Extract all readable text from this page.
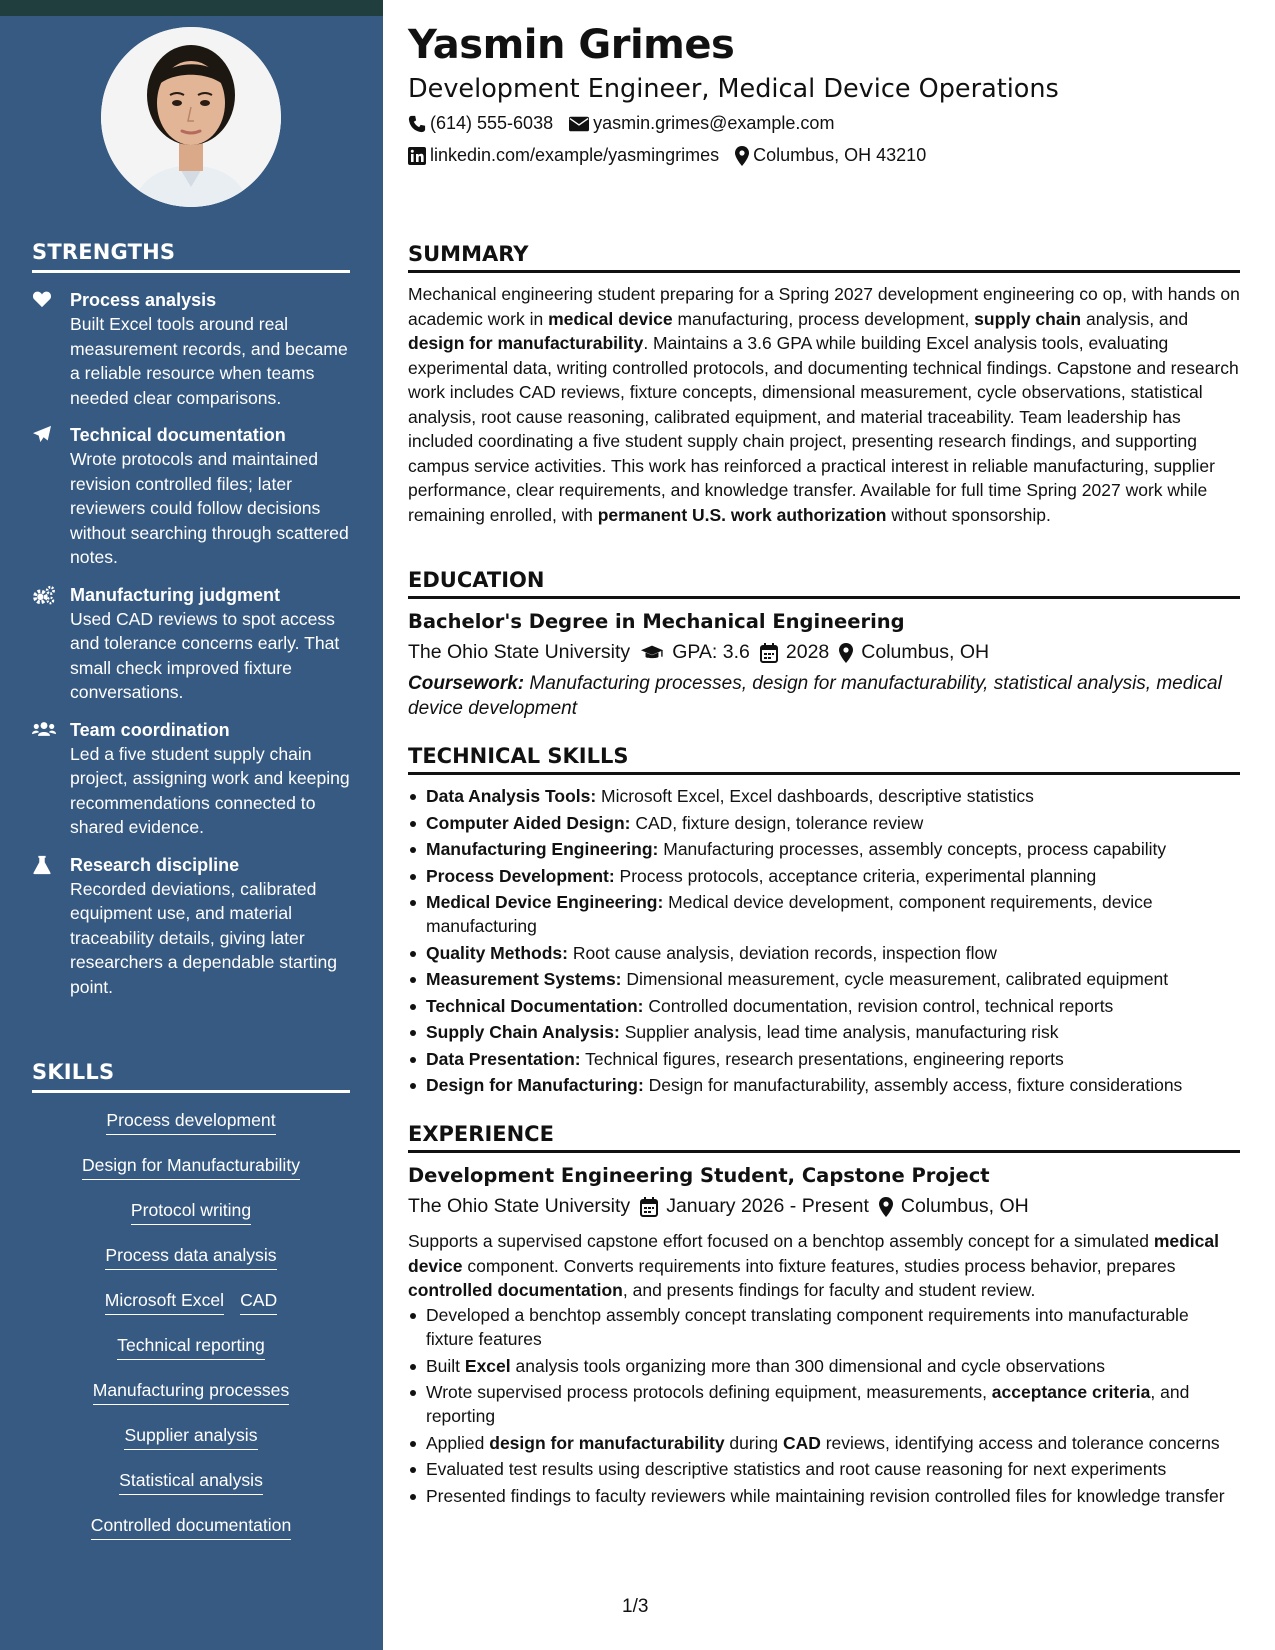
STRENGTHS
Process analysis
Built Excel tools around real measurement records, and became a reliable resource when teams needed clear comparisons.
Technical documentation
Wrote protocols and maintained revision controlled files; later reviewers could follow decisions without searching through scattered notes.
Manufacturing judgment
Used CAD reviews to spot access and tolerance concerns early. That small check improved fixture conversations.
Team coordination
Led a five student supply chain project, assigning work and keeping recommendations connected to shared evidence.
Research discipline
Recorded deviations, calibrated equipment use, and material traceability details, giving later researchers a dependable starting point.
SKILLS
Process development
Design for Manufacturability
Protocol writing
Process data analysis
Microsoft Excel CAD
Technical reporting
Manufacturing processes
Supplier analysis
Statistical analysis
Controlled documentation
Yasmin Grimes
Development Engineer, Medical Device Operations
(614) 555-6038 yasmin.grimes@example.com
linkedin.com/example/yasmingrimes Columbus, OH 43210
SUMMARY
Mechanical engineering student preparing for a Spring 2027 development engineering co op, with hands on academic work in medical device manufacturing, process development, supply chain analysis, and design for manufacturability. Maintains a 3.6 GPA while building Excel analysis tools, evaluating experimental data, writing controlled protocols, and documenting technical findings. Capstone and research work includes CAD reviews, fixture concepts, dimensional measurement, cycle observations, statistical analysis, root cause reasoning, calibrated equipment, and material traceability. Team leadership has included coordinating a five student supply chain project, presenting research findings, and supporting campus service activities. This work has reinforced a practical interest in reliable manufacturing, supplier performance, clear requirements, and knowledge transfer. Available for full time Spring 2027 work while remaining enrolled, with permanent U.S. work authorization without sponsorship.
EDUCATION
Bachelor's Degree in Mechanical Engineering
The Ohio State University GPA: 3.6 2028 Columbus, OH
Coursework: Manufacturing processes, design for manufacturability, statistical analysis, medical device development
TECHNICAL SKILLS
Data Analysis Tools: Microsoft Excel, Excel dashboards, descriptive statistics
Computer Aided Design: CAD, fixture design, tolerance review
Manufacturing Engineering: Manufacturing processes, assembly concepts, process capability
Process Development: Process protocols, acceptance criteria, experimental planning
Medical Device Engineering: Medical device development, component requirements, device manufacturing
Quality Methods: Root cause analysis, deviation records, inspection flow
Measurement Systems: Dimensional measurement, cycle measurement, calibrated equipment
Technical Documentation: Controlled documentation, revision control, technical reports
Supply Chain Analysis: Supplier analysis, lead time analysis, manufacturing risk
Data Presentation: Technical figures, research presentations, engineering reports
Design for Manufacturing: Design for manufacturability, assembly access, fixture considerations
EXPERIENCE
Development Engineering Student, Capstone Project
The Ohio State University January 2026 - Present Columbus, OH
Supports a supervised capstone effort focused on a benchtop assembly concept for a simulated medical device component. Converts requirements into fixture features, studies process behavior, prepares controlled documentation, and presents findings for faculty and student review.
Developed a benchtop assembly concept translating component requirements into manufacturable fixture features
Built Excel analysis tools organizing more than 300 dimensional and cycle observations
Wrote supervised process protocols defining equipment, measurements, acceptance criteria, and reporting
Applied design for manufacturability during CAD reviews, identifying access and tolerance concerns
Evaluated test results using descriptive statistics and root cause reasoning for next experiments
Presented findings to faculty reviewers while maintaining revision controlled files for knowledge transfer
1/3
